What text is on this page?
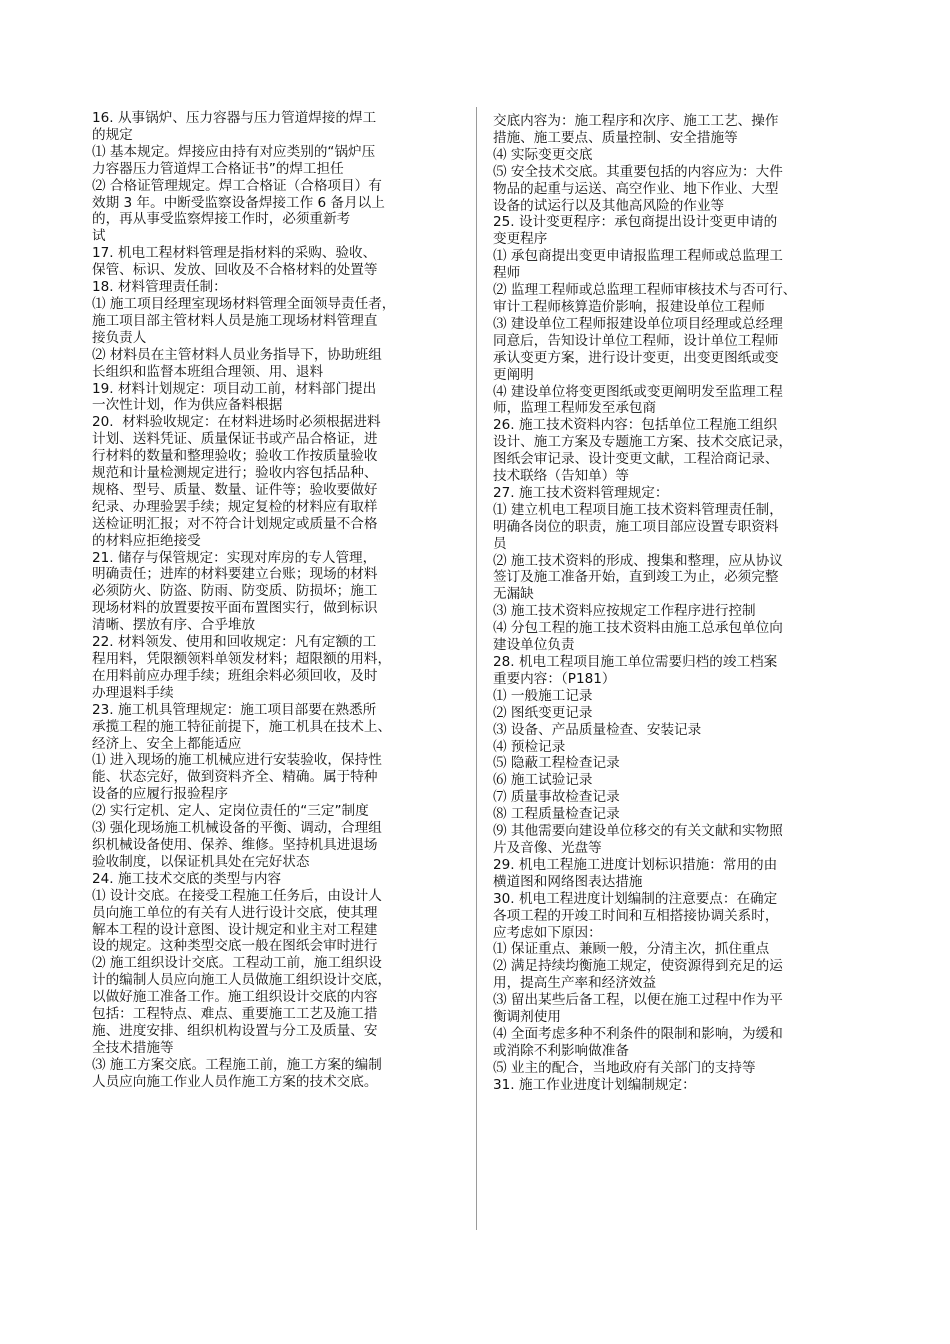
16. 从事锅炉、压力容器与压力管道焊接的焊工
的规定
⑴ 基本规定。焊接应由持有对应类别的“锅炉压
力容器压力管道焊工合格证书”的焊工担任
⑵ 合格证管理规定。焊工合格证（合格项目）有
效期 3 年。中断受监察设备焊接工作 6 备月以上
的，再从事受监察焊接工作时，必须重新考
试
17. 机电工程材料管理是指材料的采购、验收、
保管、标识、发放、回收及不合格材料的处置等
18. 材料管理责任制：
⑴ 施工项目经理室现场材料管理全面领导责任者，
施工项目部主管材料人员是施工现场材料管理直
接负责人
⑵ 材料员在主管材料人员业务指导下，协助班组
长组织和监督本班组合理领、用、退料
19. 材料计划规定：项目动工前，材料部门提出
一次性计划，作为供应备料根据
20.  材料验收规定：在材料进场时必须根据进料
计划、送料凭证、质量保证书或产品合格证，进
行材料的数量和整理验收；验收工作按质量验收
规范和计量检测规定进行；验收内容包括品种、
规格、型号、质量、数量、证件等；验收要做好
纪录、办理验罢手续；规定复检的材料应有取样
送检证明汇报；对不符合计划规定或质量不合格
的材料应拒绝接受
21. 储存与保管规定：实现对库房的专人管理，
明确责任；进库的材料要建立台账；现场的材料
必须防火、防盗、防雨、防变质、防损坏；施工
现场材料的放置要按平面布置图实行，做到标识
清晰、摆放有序、合乎堆放
22. 材料领发、使用和回收规定：凡有定额的工
程用料，凭限额领料单领发材料；超限额的用料，
在用料前应办理手续；班组余料必须回收，及时
办理退料手续
23. 施工机具管理规定：施工项目部要在熟悉所
承揽工程的施工特征前提下，施工机具在技术上、
经济上、安全上都能适应
⑴ 进入现场的施工机械应进行安装验收，保持性
能、状态完好，做到资料齐全、精确。属于特种
设备的应履行报验程序
⑵ 实行定机、定人、定岗位责任的“三定”制度
⑶ 强化现场施工机械设备的平衡、调动，合理组
织机械设备使用、保养、维修。坚持机具进退场
验收制度，以保证机具处在完好状态
24. 施工技术交底的类型与内容
⑴ 设计交底。在接受工程施工任务后，由设计人
员向施工单位的有关有人进行设计交底，使其理
解本工程的设计意图、设计规定和业主对工程建
设的规定。这种类型交底一般在图纸会审时进行
⑵ 施工组织设计交底。工程动工前，施工组织设
计的编制人员应向施工人员做施工组织设计交底，
以做好施工准备工作。施工组织设计交底的内容
包括：工程特点、难点、重要施工工艺及施工措
施、进度安排、组织机构设置与分工及质量、安
全技术措施等
⑶ 施工方案交底。工程施工前，施工方案的编制
人员应向施工作业人员作施工方案的技术交底。
交底内容为：施工程序和次序、施工工艺、操作
措施、施工要点、质量控制、安全措施等
⑷ 实际变更交底
⑸ 安全技术交底。其重要包括的内容应为：大件
物品的起重与运送、高空作业、地下作业、大型
设备的试运行以及其他高风险的作业等
25. 设计变更程序：承包商提出设计变更申请的
变更程序
⑴ 承包商提出变更申请报监理工程师或总监理工
程师
⑵ 监理工程师或总监理工程师审核技术与否可行、
审计工程师核算造价影响，报建设单位工程师
⑶ 建设单位工程师报建设单位项目经理或总经理
同意后，告知设计单位工程师，设计单位工程师
承认变更方案，进行设计变更，出变更图纸或变
更阐明
⑷ 建设单位将变更图纸或变更阐明发至监理工程
师，监理工程师发至承包商
26. 施工技术资料内容：包括单位工程施工组织
设计、施工方案及专题施工方案、技术交底记录，
图纸会审记录、设计变更文献，工程洽商记录、
技术联络（告知单）等
27. 施工技术资料管理规定：
⑴ 建立机电工程项目施工技术资料管理责任制，
明确各岗位的职责，施工项目部应设置专职资料
员
⑵ 施工技术资料的形成、搜集和整理，应从协议
签订及施工准备开始，直到竣工为止，必须完整
无漏缺
⑶ 施工技术资料应按规定工作程序进行控制
⑷ 分包工程的施工技术资料由施工总承包单位向
建设单位负责
28. 机电工程项目施工单位需要归档的竣工档案
重要内容：（P181）
⑴ 一般施工记录
⑵ 图纸变更记录
⑶ 设备、产品质量检查、安装记录
⑷ 预检记录
⑸ 隐蔽工程检查记录
⑹ 施工试验记录
⑺ 质量事故检查记录
⑻ 工程质量检查记录
⑼ 其他需要向建设单位移交的有关文献和实物照
片及音像、光盘等
29. 机电工程施工进度计划标识措施：常用的由
横道图和网络图表达措施
30. 机电工程进度计划编制的注意要点：在确定
各项工程的开竣工时间和互相搭接协调关系时，
应考虑如下原因：
⑴ 保证重点、兼顾一般，分清主次，抓住重点
⑵ 满足持续均衡施工规定，使资源得到充足的运
用，提高生产率和经济效益
⑶ 留出某些后备工程，以便在施工过程中作为平
衡调剂使用
⑷ 全面考虑多种不利条件的限制和影响，为缓和
或消除不利影响做准备
⑸ 业主的配合，当地政府有关部门的支持等
31. 施工作业进度计划编制规定：
